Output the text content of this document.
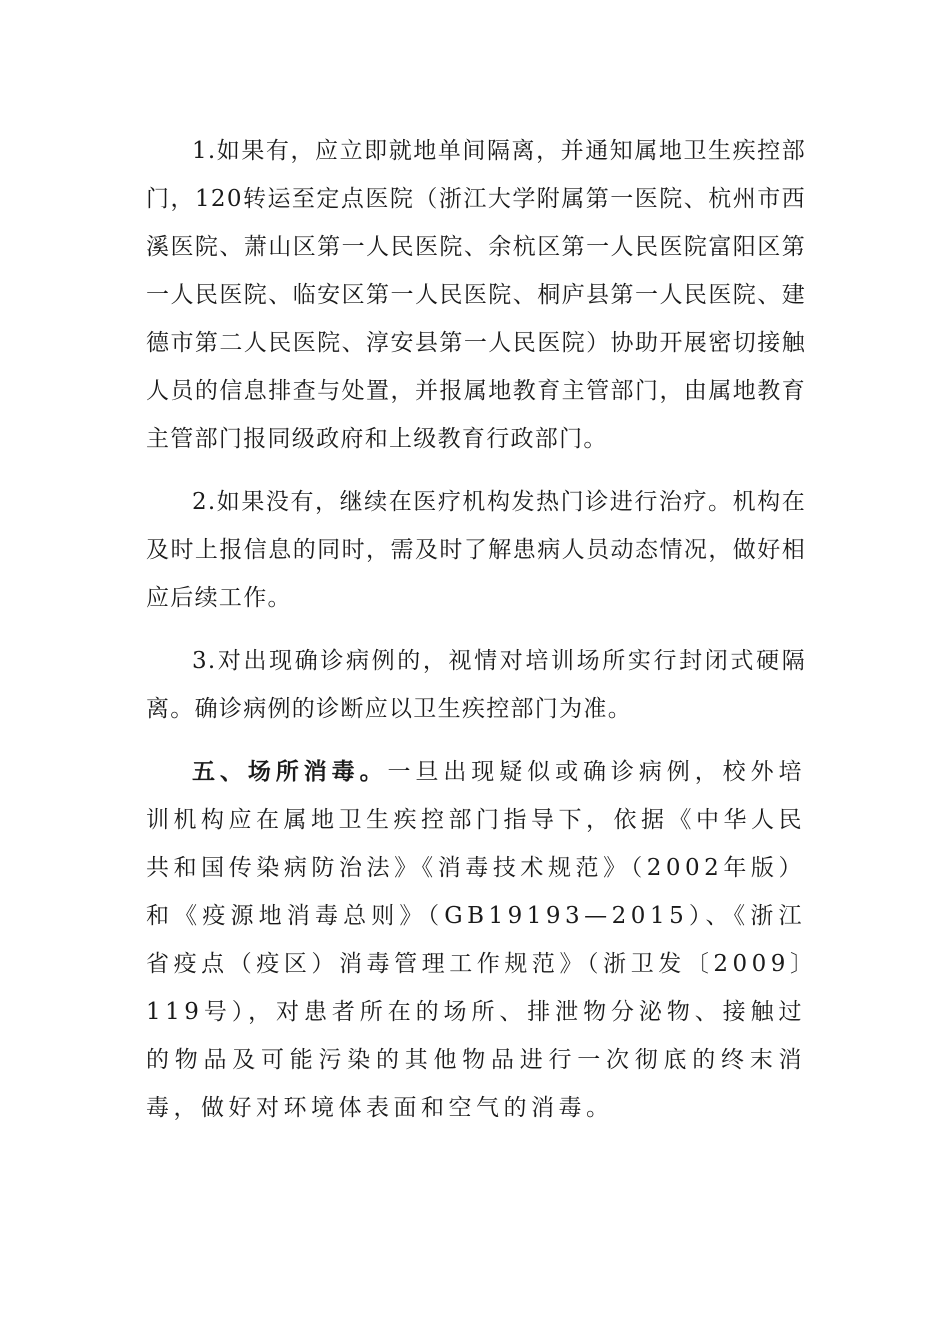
1.如果有，应立即就地单间隔离，并通知属地卫生疾控部门，120转运至定点医院（浙江大学附属第一医院、杭州市西溪医院、萧山区第一人民医院、余杭区第一人民医院富阳区第一人民医院、临安区第一人民医院、桐庐县第一人民医院、建德市第二人民医院、淳安县第一人民医院）协助开展密切接触人员的信息排查与处置，并报属地教育主管部门，由属地教育主管部门报同级政府和上级教育行政部门。

2.如果没有，继续在医疗机构发热门诊进行治疗。机构在及时上报信息的同时，需及时了解患病人员动态情况，做好相应后续工作。

3.对出现确诊病例的，视情对培训场所实行封闭式硬隔离。确诊病例的诊断应以卫生疾控部门为准。

五、场所消毒。一旦出现疑似或确诊病例，校外培训机构应在属地卫生疾控部门指导下，依据《中华人民共和国传染病防治法》《消毒技术规范》（2002年版）和《疫源地消毒总则》（GB19193—2015）、《浙江省疫点（疫区）消毒管理工作规范》（浙卫发〔2009〕119号），对患者所在的场所、排泄物分泌物、接触过的物品及可能污染的其他物品进行一次彻底的终末消毒，做好对环境体表面和空气的消毒。
